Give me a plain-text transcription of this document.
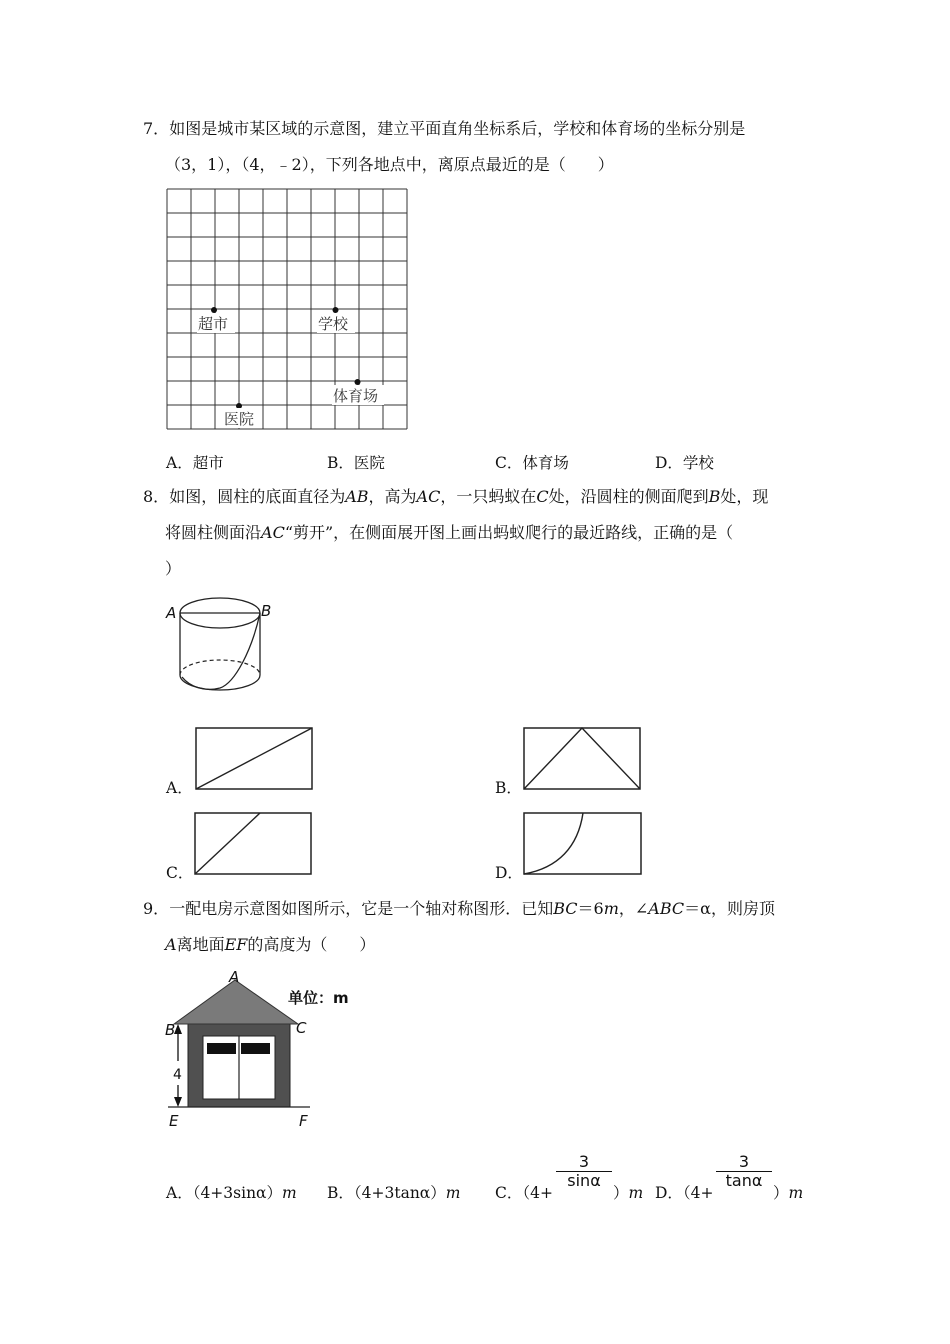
7．如图是城市某区域的示意图，建立平面直角坐标系后，学校和体育场的坐标分别是
（3，1），（4，﹣2），下列各地点中，离原点最近的是（　　）
超市	学校
体育场
医院
A．超市	B．医院	C．体育场	D．学校
8．如图，圆柱的底面直径为AB，高为AC，一只蚂蚁在C处，沿圆柱的侧面爬到B处，现
将圆柱侧面沿AC“剪开”，在侧面展开图上画出蚂蚁爬行的最近路线，正确的是（
）
A	B
A．	B．
C．	D．
9．一配电房示意图如图所示，它是一个轴对称图形．已知BC＝6m，∠ABC＝α，则房顶
A离地面EF的高度为（　　）
4
A
B	C
E	F
单位：m
A．（4+3sinα）m B．（4+3tanα）m C．（4+
3
sinα
）m D．（4+
3
tanα
）m
